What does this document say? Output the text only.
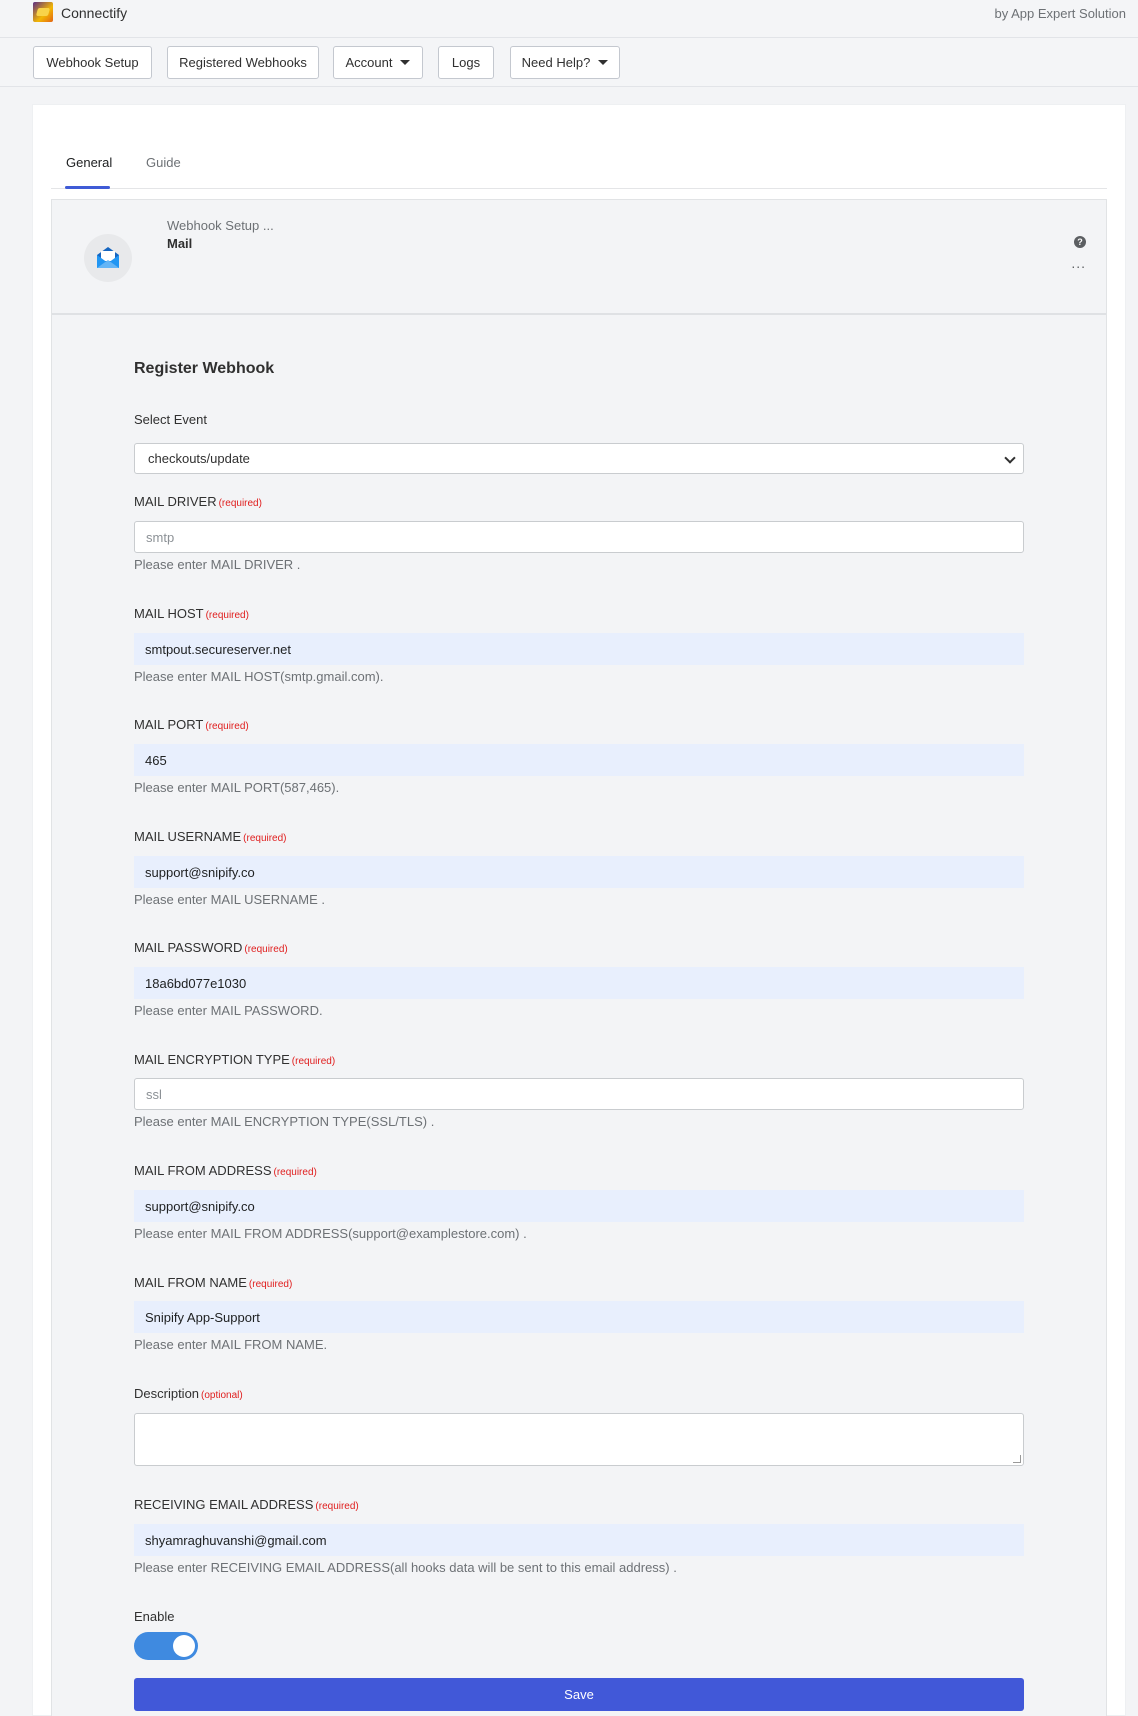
Connectify	by App Expert Solution
Webhook Setup	Registered Webhooks	Account	Logs	Need Help?
General	Guide
Webhook Setup ...
Mail	?
...
Register Webhook
Select Event
checkouts/update
MAIL DRIVER (required)
smtp
Please enter MAIL DRIVER .
MAIL HOST (required)
smtpout.secureserver.net
Please enter MAIL HOST(smtp.gmail.com).
MAIL PORT (required)
465
Please enter MAIL PORT(587,465).
MAIL USERNAME (required)
support@snipify.co
Please enter MAIL USERNAME .
MAIL PASSWORD (required)
18a6bd077e1030
Please enter MAIL PASSWORD.
MAIL ENCRYPTION TYPE (required)
ssl
Please enter MAIL ENCRYPTION TYPE(SSL/TLS) .
MAIL FROM ADDRESS (required)
support@snipify.co
Please enter MAIL FROM ADDRESS(support@examplestore.com) .
MAIL FROM NAME (required)
Snipify App-Support
Please enter MAIL FROM NAME.
Description (optional)
RECEIVING EMAIL ADDRESS (required)
shyamraghuvanshi@gmail.com
Please enter RECEIVING EMAIL ADDRESS(all hooks data will be sent to this email address) .
Enable
Save
